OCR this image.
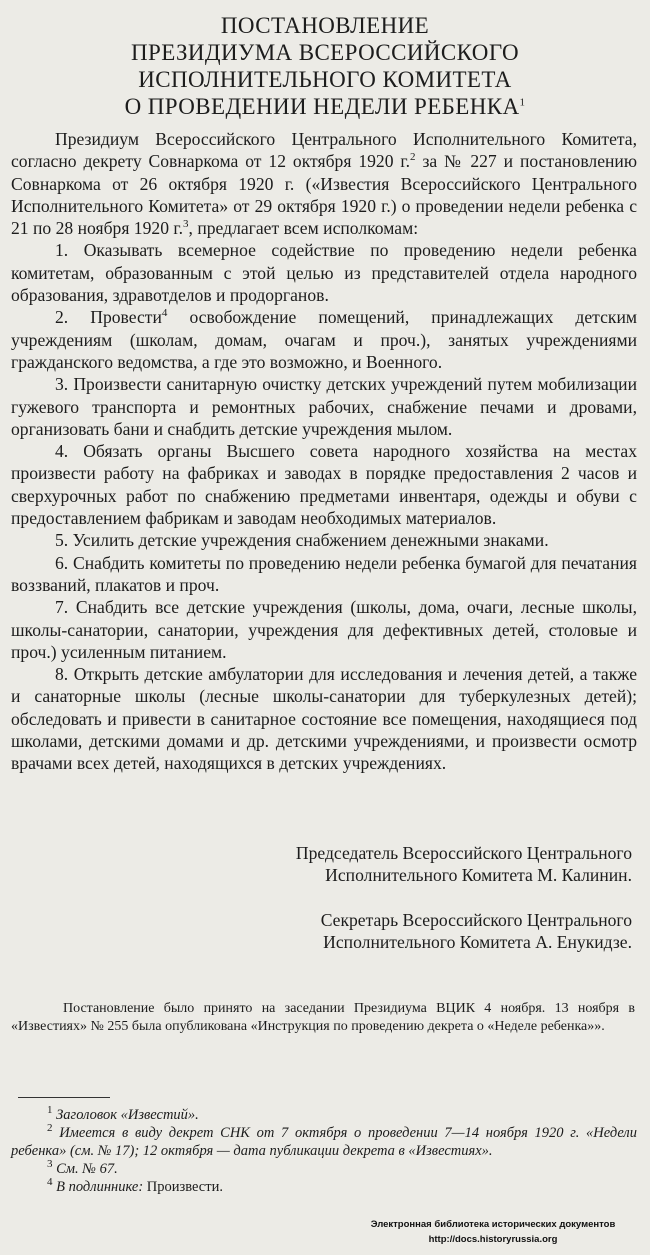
ПОСТАНОВЛЕНИЕ
ПРЕЗИДИУМА ВСЕРОССИЙСКОГО
ИСПОЛНИТЕЛЬНОГО КОМИТЕТА
О ПРОВЕДЕНИИ НЕДЕЛИ РЕБЕНКА$^1$

Президиум Всероссийского Центрального Исполнительного Комитета, согласно декрету Совнаркома от 12 октября 1920 г.$^2$ за № 227 и постановлению Совнаркома от 26 октября 1920 г. («Известия Всероссийского Центрального Исполнительного Комитета» от 29 октября 1920 г.) о проведении недели ребенка с 21 по 28 ноября 1920 г.$^3$, предлагает всем исполкомам:

1. Оказывать всемерное содействие по проведению недели ребенка комитетам, образованным с этой целью из представителей отдела народного образования, здравотделов и продорганов.

2. Провести$^4$ освобождение помещений, принадлежащих детским учреждениям (школам, домам, очагам и проч.), занятых учреждениями гражданского ведомства, а где это возможно, и Военного.

3. Произвести санитарную очистку детских учреждений путем мобилизации гужевого транспорта и ремонтных рабочих, снабжение печами и дровами, организовать бани и снабдить детские учреждения мылом.

4. Обязать органы Высшего совета народного хозяйства на местах произвести работу на фабриках и заводах в порядке предоставления 2 часов и сверхурочных работ по снабжению предметами инвентаря, одежды и обуви с предоставлением фабрикам и заводам необходимых материалов.

5. Усилить детские учреждения снабжением денежными знаками.

6. Снабдить комитеты по проведению недели ребенка бумагой для печатания воззваний, плакатов и проч.

7. Снабдить все детские учреждения (школы, дома, очаги, лесные школы, школы-санатории, санатории, учреждения для дефективных детей, столовые и проч.) усиленным питанием.

8. Открыть детские амбулатории для исследования и лечения детей, а также и санаторные школы (лесные школы-санатории для туберкулезных детей); обследовать и привести в санитарное состояние все помещения, находящиеся под школами, детскими домами и др. детскими учреждениями, и произвести осмотр врачами всех детей, находящихся в детских учреждениях.

Председатель Всероссийского Центрального
Исполнительного Комитета М. Калинин.
Секретарь Всероссийского Центрального
Исполнительного Комитета А. Енукидзе.

Постановление было принято на заседании Президиума ВЦИК 4 ноября. 13 ноября в «Известиях» № 255 была опубликована «Инструкция по проведению декрета о «Неделе ребенка»».

$^1$ Заголовок «Известий».

$^2$ Имеется в виду декрет СНК от 7 октября о проведении 7—14 ноября 1920 г. «Недели ребенка» (см. № 17); 12 октября — дата публикации декрета в «Известиях».

$^3$ См. № 67.

$^4$ В подлиннике: Произвести.

Электронная библиотека исторических документов
http://docs.historyrussia.org
